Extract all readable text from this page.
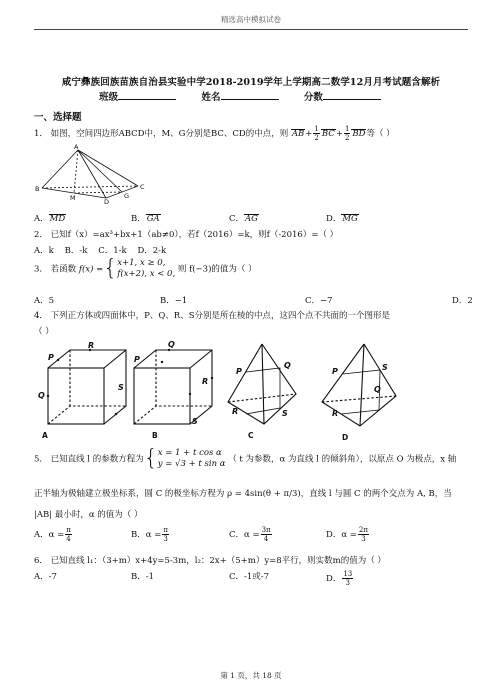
精选高中模拟试卷
咸宁彝族回族苗族自治县实验中学2018-2019学年上学期高二数学12月月考试题含解析
班级	姓名	分数
一、选择题
1． 如图，空间四边形ABCD中，M、G分别是BC、CD的中点，则 $AB+ \frac{1}{2} BC+ \frac{1}{2}$ BD等（ ）
A
B	C
D
M	G
A．MD	B．GA	C．AG	D．MG
2． 已知f（x）=ax³+bx+1（ab≠0），若f（2016）=k，则f（-2016）=（ ）
A．k B．-k C．1-k D．2-k
3． 若函数 f(x) ={x+1, x ≥ 0,
f(x+2), x < 0, 则 f(−3)的值为（ ）
A．5	B．−1	C．−7	D．2
4． 下列正方体或四面体中，P、Q、R、S分别是所在棱的中点，这四个点不共面的一个图形是
（ ）
P
Q
R
S
P
Q
R
S
P
Q
R	S
P
Q
R
S
A	B	C	D
5． 已知直线 l 的参数方程为{x = 1 + t cos α
y = √3 + t sin α （ t 为参数，α 为直线 l 的倾斜角），以原点 O 为极点，x 轴
正半轴为极轴建立极坐标系，圆 C 的极坐标方程为 ρ = 4sin(θ + π/3)，直线 l 与圆 C 的两个交点为 A, B，当
|AB| 最小时，α 的值为（ ）
A．$\alpha = \frac{\pi}{4}$	B．$\alpha = \frac{\pi}{3}$	C．$\alpha = \frac{3\pi}{4}$	D．$\alpha = \frac{2\pi}{3}$
6． 已知直线 l₁：（3+m）x+4y=5-3m，l₂：2x+（5+m）y=8平行，则实数m的值为（ ）
A．-7	B．-1	C．-1或-7	D． $\frac{13}{3}$
第 1 页，共 18 页
